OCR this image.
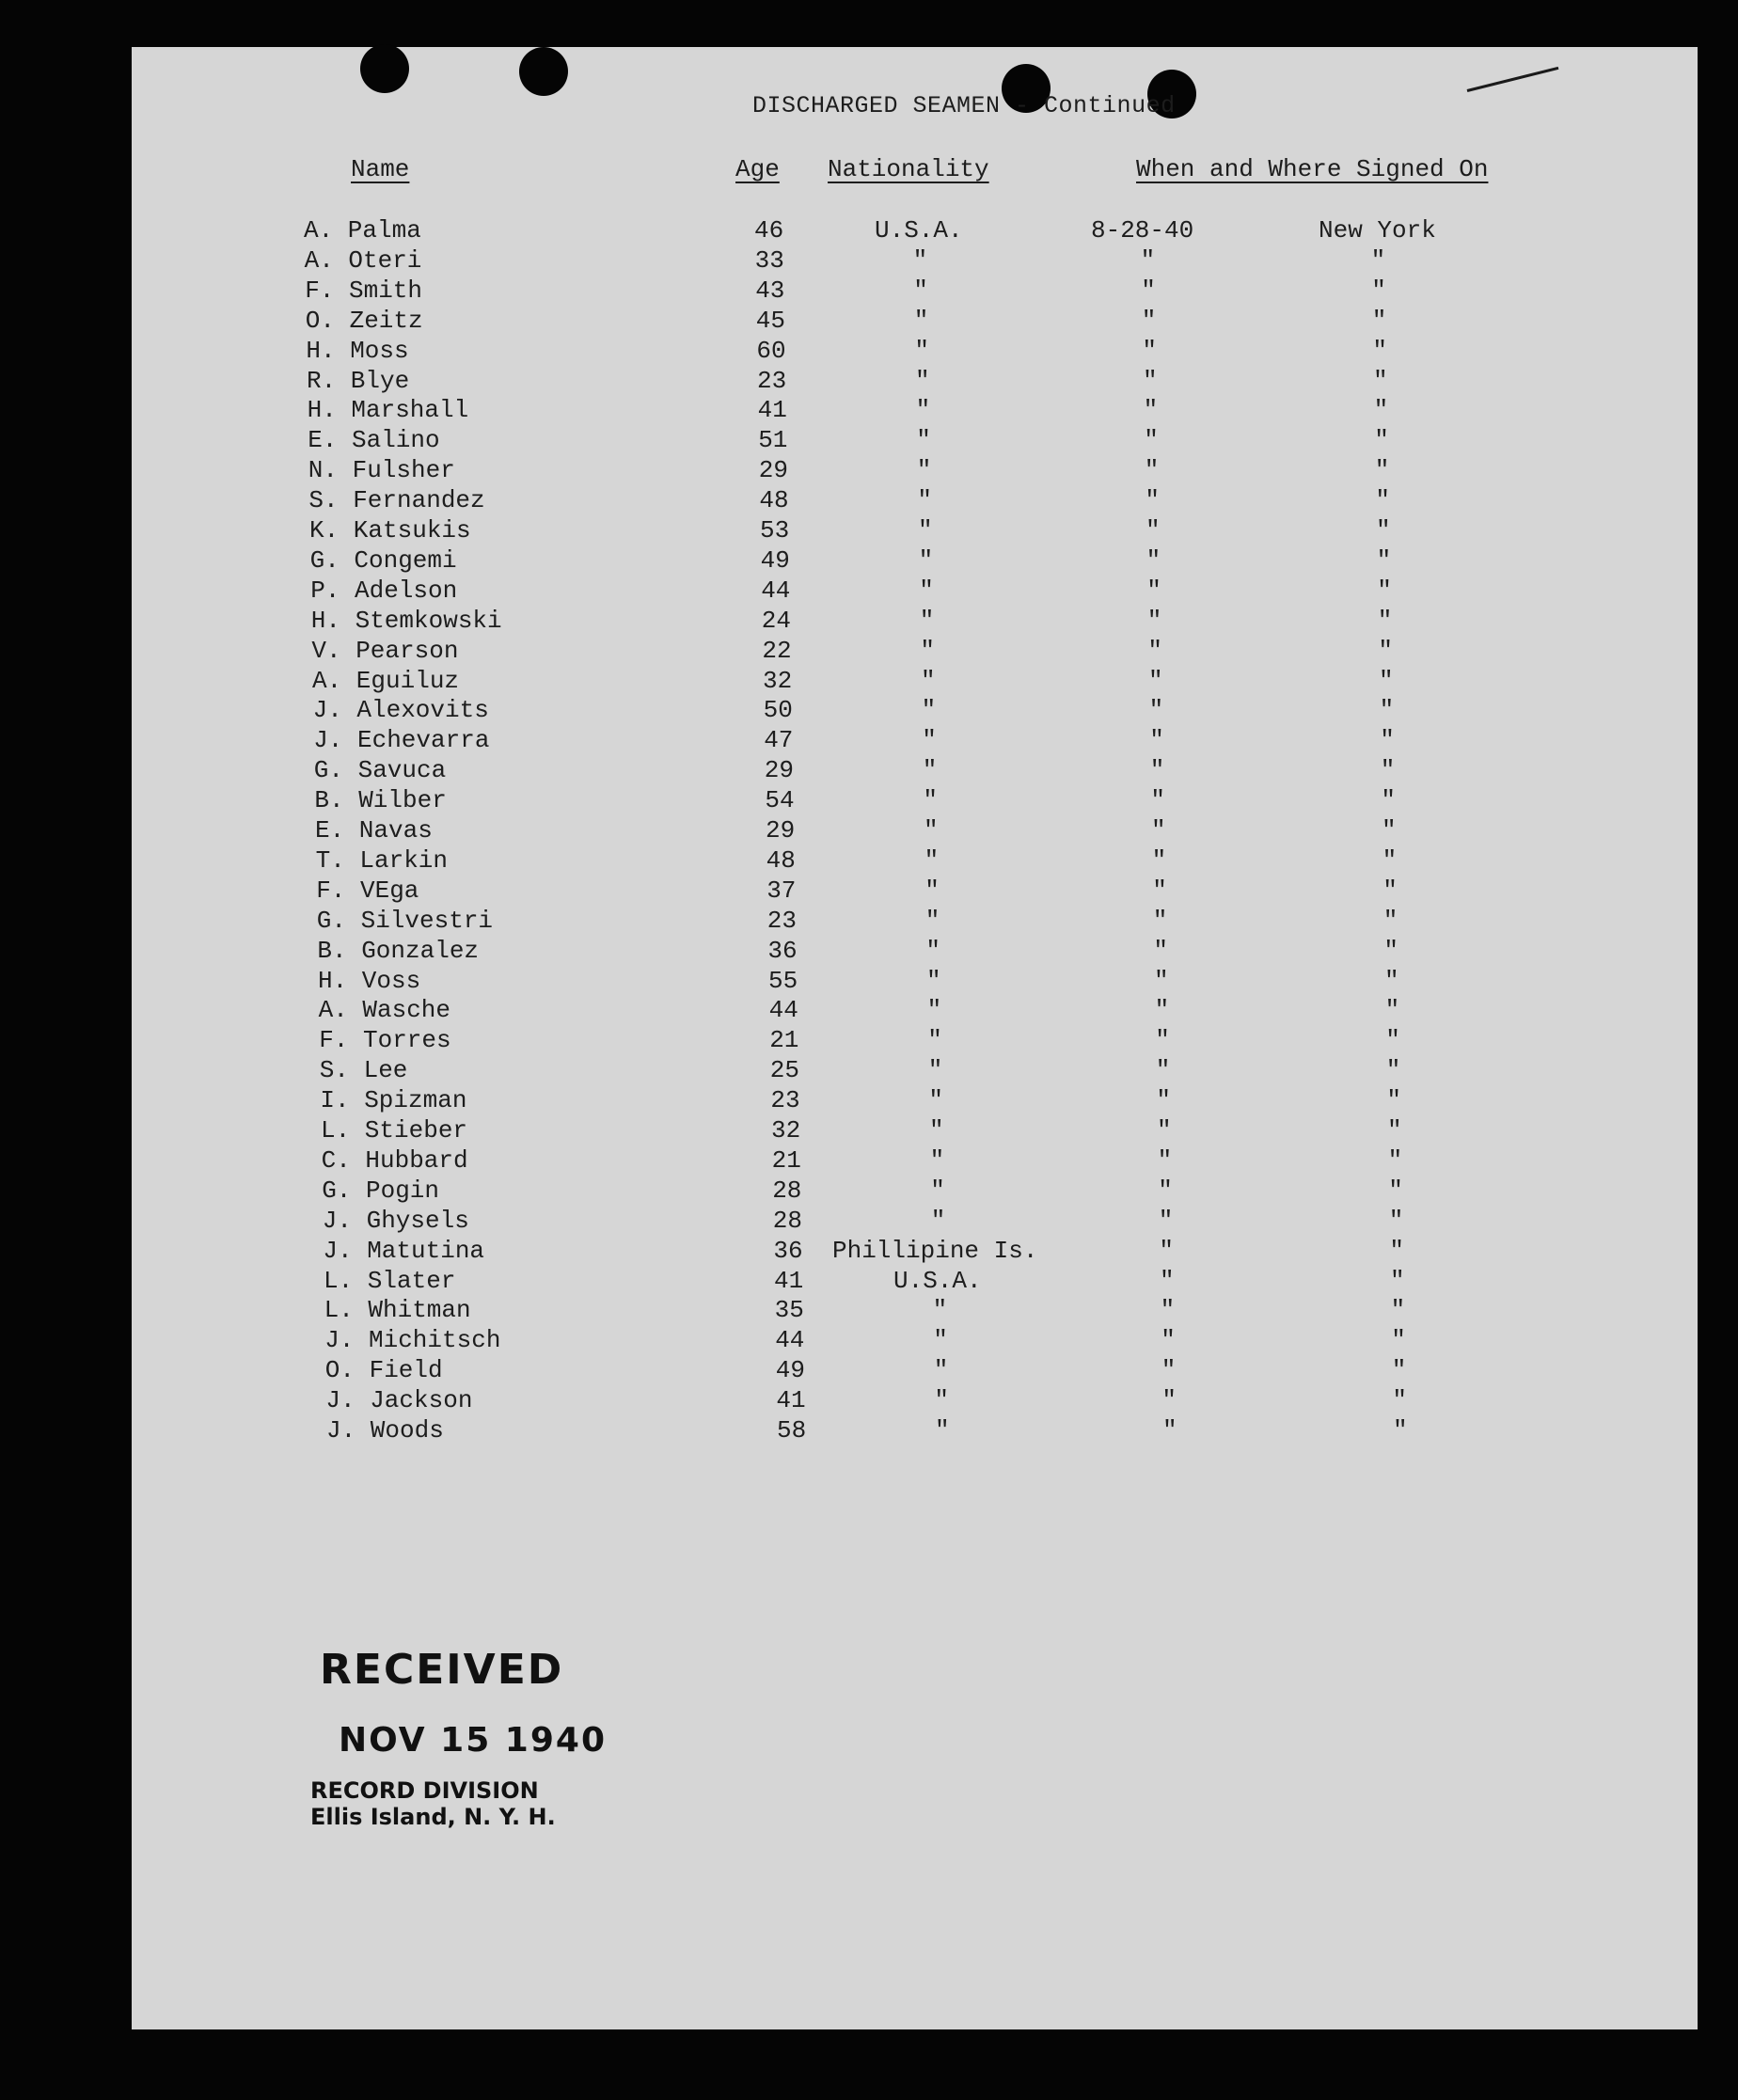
DISCHARGED SEAMEN - Continued
Name	Age Nationality	When and Where Signed On
A. Palma	46	U.S.A.	8-28-40	New York
A. Oteri	33	"	"	"
F. Smith	43	"	"	"
O. Zeitz	45	"	"	"
H. Moss	60	"	"	"
R. Blye	23	"	"	"
H. Marshall	41	"	"	"
E. Salino	51	"	"	"
N. Fulsher	29	"	"	"
S. Fernandez	48	"	"	"
K. Katsukis	53	"	"	"
G. Congemi	49	"	"	"
P. Adelson	44	"	"	"
H. Stemkowski	24	"	"	"
V. Pearson	22	"	"	"
A. Eguiluz	32	"	"	"
J. Alexovits	50	"	"	"
J. Echevarra	47	"	"	"
G. Savuca	29	"	"	"
B. Wilber	54	"	"	"
E. Navas	29	"	"	"
T. Larkin	48	"	"	"
F. VEga	37	"	"	"
G. Silvestri	23	"	"	"
B. Gonzalez	36	"	"	"
H. Voss	55	"	"	"
A. Wasche	44	"	"	"
F. Torres	21	"	"	"
S. Lee	25	"	"	"
I. Spizman	23	"	"	"
L. Stieber	32	"	"	"
C. Hubbard	21	"	"	"
G. Pogin	28	"	"	"
J. Ghysels	28	"	"	"
J. Matutina	36 Phillipine Is.	"	"
L. Slater	41	U.S.A.	"	"
L. Whitman	35	"	"	"
J. Michitsch	44	"	"	"
O. Field	49	"	"	"
J. Jackson	41	"	"	"
J. Woods	58	"	"	"
RECEIVED
NOV 15 1940
RECORD DIVISION
Ellis Island, N. Y. H.
